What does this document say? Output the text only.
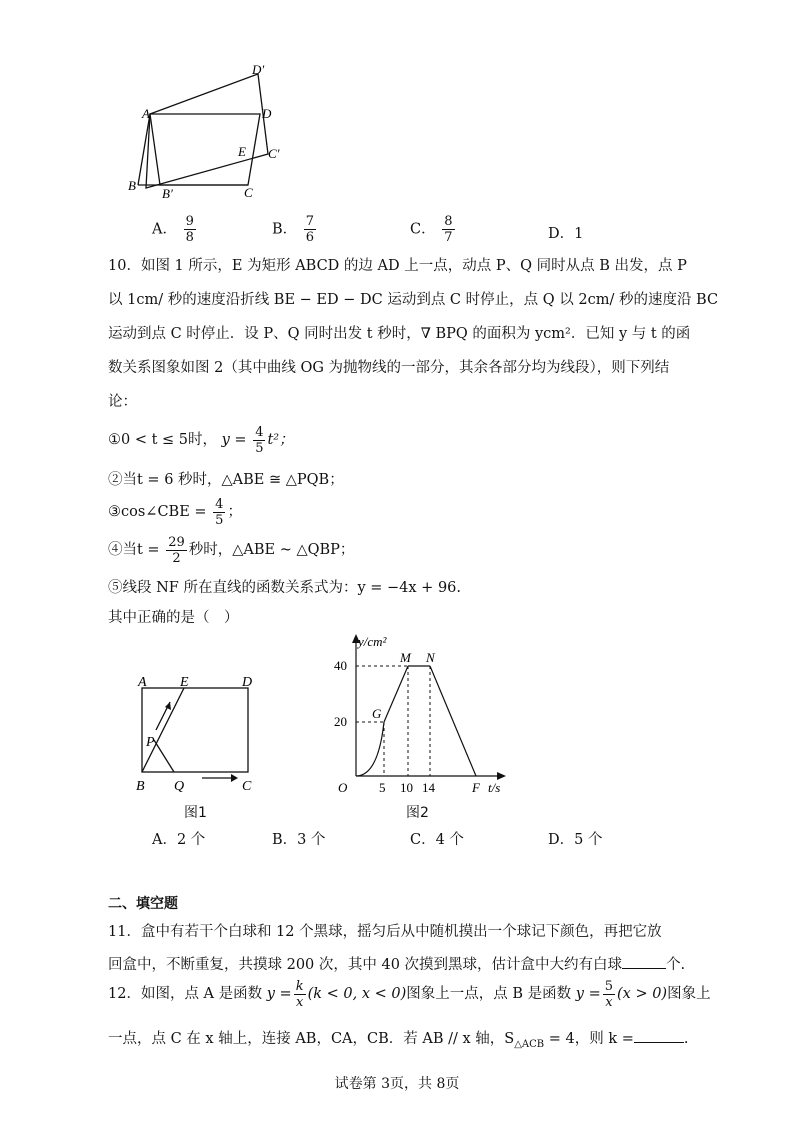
D′
A	D
E C′
B
B′	C
A． $\frac{9}{8}$	B． $\frac{7}{6}$	C． $\frac{8}{7}$	D．1
10．如图 1 所示，E 为矩形 ABCD 的边 AD 上一点，动点 P、Q 同时从点 B 出发，点 P
以 1cm/ 秒的速度沿折线 BE − ED − DC 运动到点 C 时停止，点 Q 以 2cm/ 秒的速度沿 BC
运动到点 C 时停止．设 P、Q 同时出发 t 秒时，∇ BPQ 的面积为 ycm²．已知 y 与 t 的函
数关系图象如图 2（其中曲线 OG 为抛物线的一部分，其余各部分均为线段），则下列结
论：
①0 < t ≤ 5时， $y = \frac{4}{5} t^2$；
②当t = 6 秒时，△ABE ≅ △PQB；
③cos∠CBE = $\frac{4}{5}$ ；
④当$t = \frac{29}{2}$ 秒时，△ABE ~ △QBP；
⑤线段 NF 所在直线的函数关系式为：y = −4x + 96.
其中正确的是（　）
A E	D
P
B Q	C
图1
y/cm²
40
20
O 5 10 14
G
M N
F t/s
图2
A．2 个	B．3 个	C．4 个	D．5 个
二、填空题
11．盒中有若干个白球和 12 个黑球，摇匀后从中随机摸出一个球记下颜色，再把它放
回盒中，不断重复，共摸球 200 次，其中 40 次摸到黑球，估计盒中大约有白球	个.
12．如图，点 A 是函数 $y = \frac{k}{x} (k < 0$, x < 0)图象上一点，点 B 是函数 $y = \frac{5}{x} (x > 0)$图象上
一点，点 C 在 x 轴上，连接 AB，CA，CB．若 AB // x 轴，$S_{\triangle ACB} = 4$，则 k =	.
试卷第 3页，共 8页
